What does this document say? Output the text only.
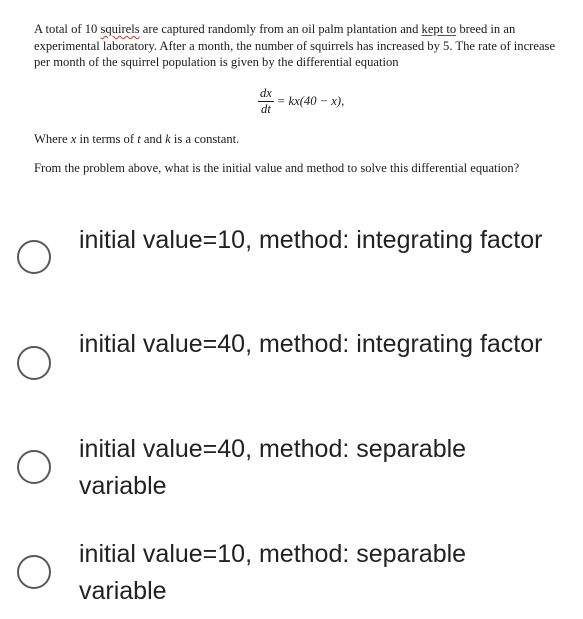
A total of 10 squirels are captured randomly from an oil palm plantation and kept to breed in an experimental laboratory. After a month, the number of squirrels has increased by 5. The rate of increase per month of the squirrel population is given by the differential equation

$\frac{dx}{dt} = kx(40 - x)$,
Where x in terms of t and k is a constant.
From the problem above, what is the initial value and method to solve this differential equation?
initial value=10, method: integrating factor
initial value=40, method: integrating factor
initial value=40, method: separable variable
initial value=10, method: separable variable
